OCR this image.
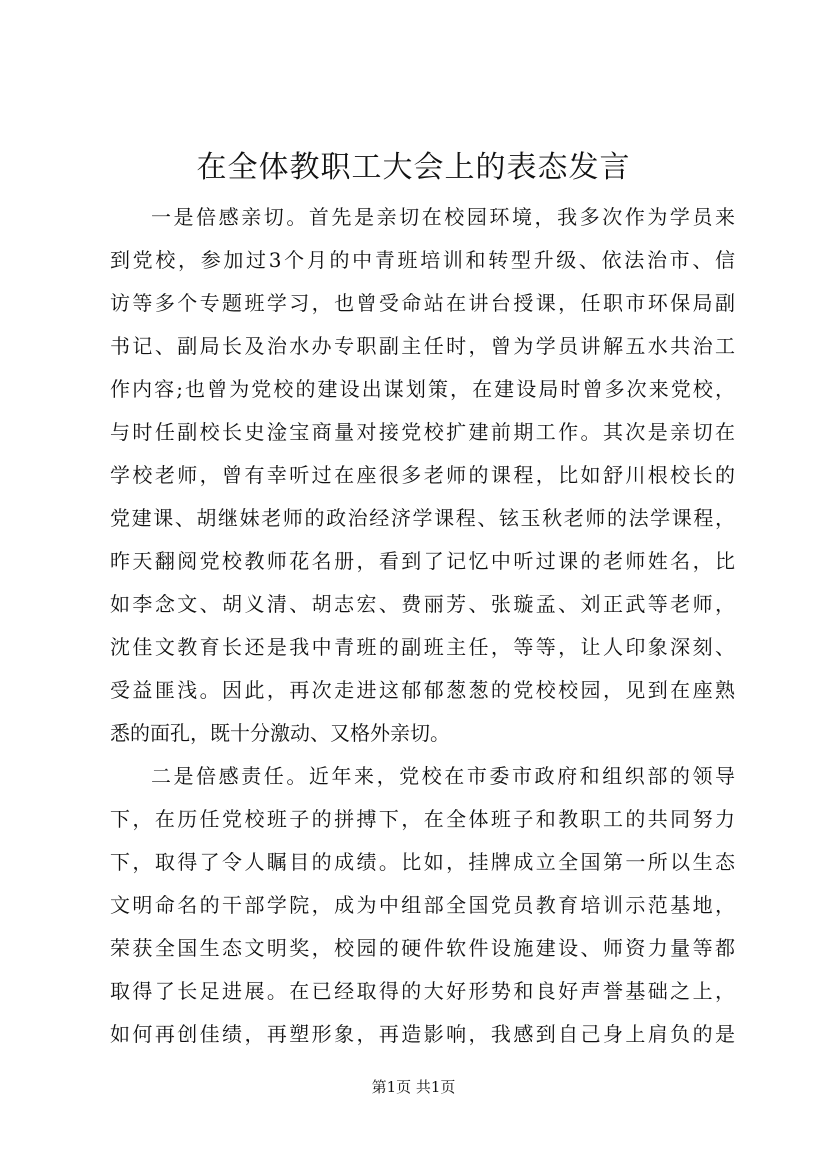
在全体教职工大会上的表态发言
一是倍感亲切。首先是亲切在校园环境，我多次作为学员来
到党校，参加过3个月的中青班培训和转型升级、依法治市、信
访等多个专题班学习，也曾受命站在讲台授课，任职市环保局副
书记、副局长及治水办专职副主任时，曾为学员讲解五水共治工
作内容;也曾为党校的建设出谋划策，在建设局时曾多次来党校，
与时任副校长史淦宝商量对接党校扩建前期工作。其次是亲切在
学校老师，曾有幸听过在座很多老师的课程，比如舒川根校长的
党建课、胡继妹老师的政治经济学课程、铉玉秋老师的法学课程，
昨天翻阅党校教师花名册，看到了记忆中听过课的老师姓名，比
如李念文、胡义清、胡志宏、费丽芳、张璇孟、刘正武等老师，
沈佳文教育长还是我中青班的副班主任，等等，让人印象深刻、
受益匪浅。因此，再次走进这郁郁葱葱的党校校园，见到在座熟
悉的面孔，既十分激动、又格外亲切。
二是倍感责任。近年来，党校在市委市政府和组织部的领导
下，在历任党校班子的拼搏下，在全体班子和教职工的共同努力
下，取得了令人瞩目的成绩。比如，挂牌成立全国第一所以生态
文明命名的干部学院，成为中组部全国党员教育培训示范基地，
荣获全国生态文明奖，校园的硬件软件设施建设、师资力量等都
取得了长足进展。在已经取得的大好形势和良好声誉基础之上，
如何再创佳绩，再塑形象，再造影响，我感到自己身上肩负的是
第1页 共1页
